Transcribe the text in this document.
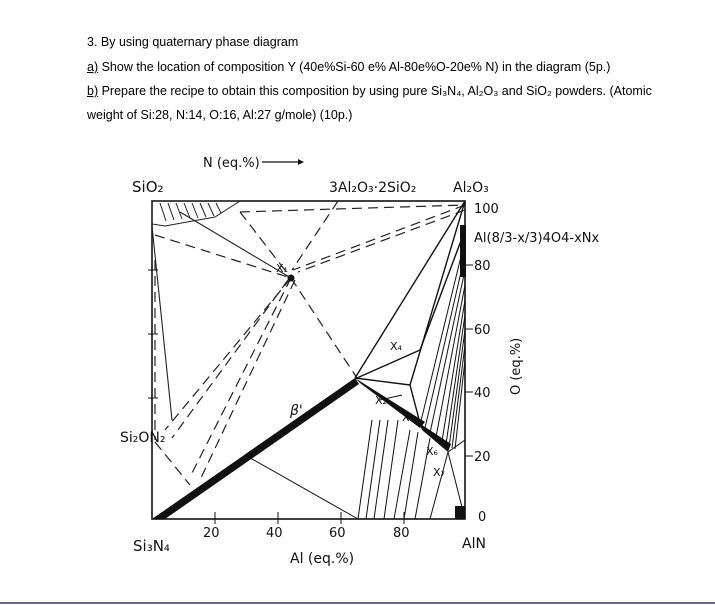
3. By using quaternary phase diagram
a) Show the location of composition Y (40e%Si-60 e% Al-80e%O-20e% N) in the diagram (5p.)
b) Prepare the recipe to obtain this composition by using pure Si₃N₄, Al₂O₃ and SiO₂ powders. (Atomic
weight of Si:28, N:14, O:16, Al:27 g/mole) (10p.)
N (eq.%)
SiO₂	3Al₂O₃·2SiO₂	Al₂O₃
Si₂ON₂
Si₃N₄	AlN
Al(8/3-x/3)4O4-xNx
β'
Al (eq.%)
20	40	60	80
100
80
60
40
20
0
O (eq.%)
X₁
X₂
X₄
X₅
X₆
X₇
